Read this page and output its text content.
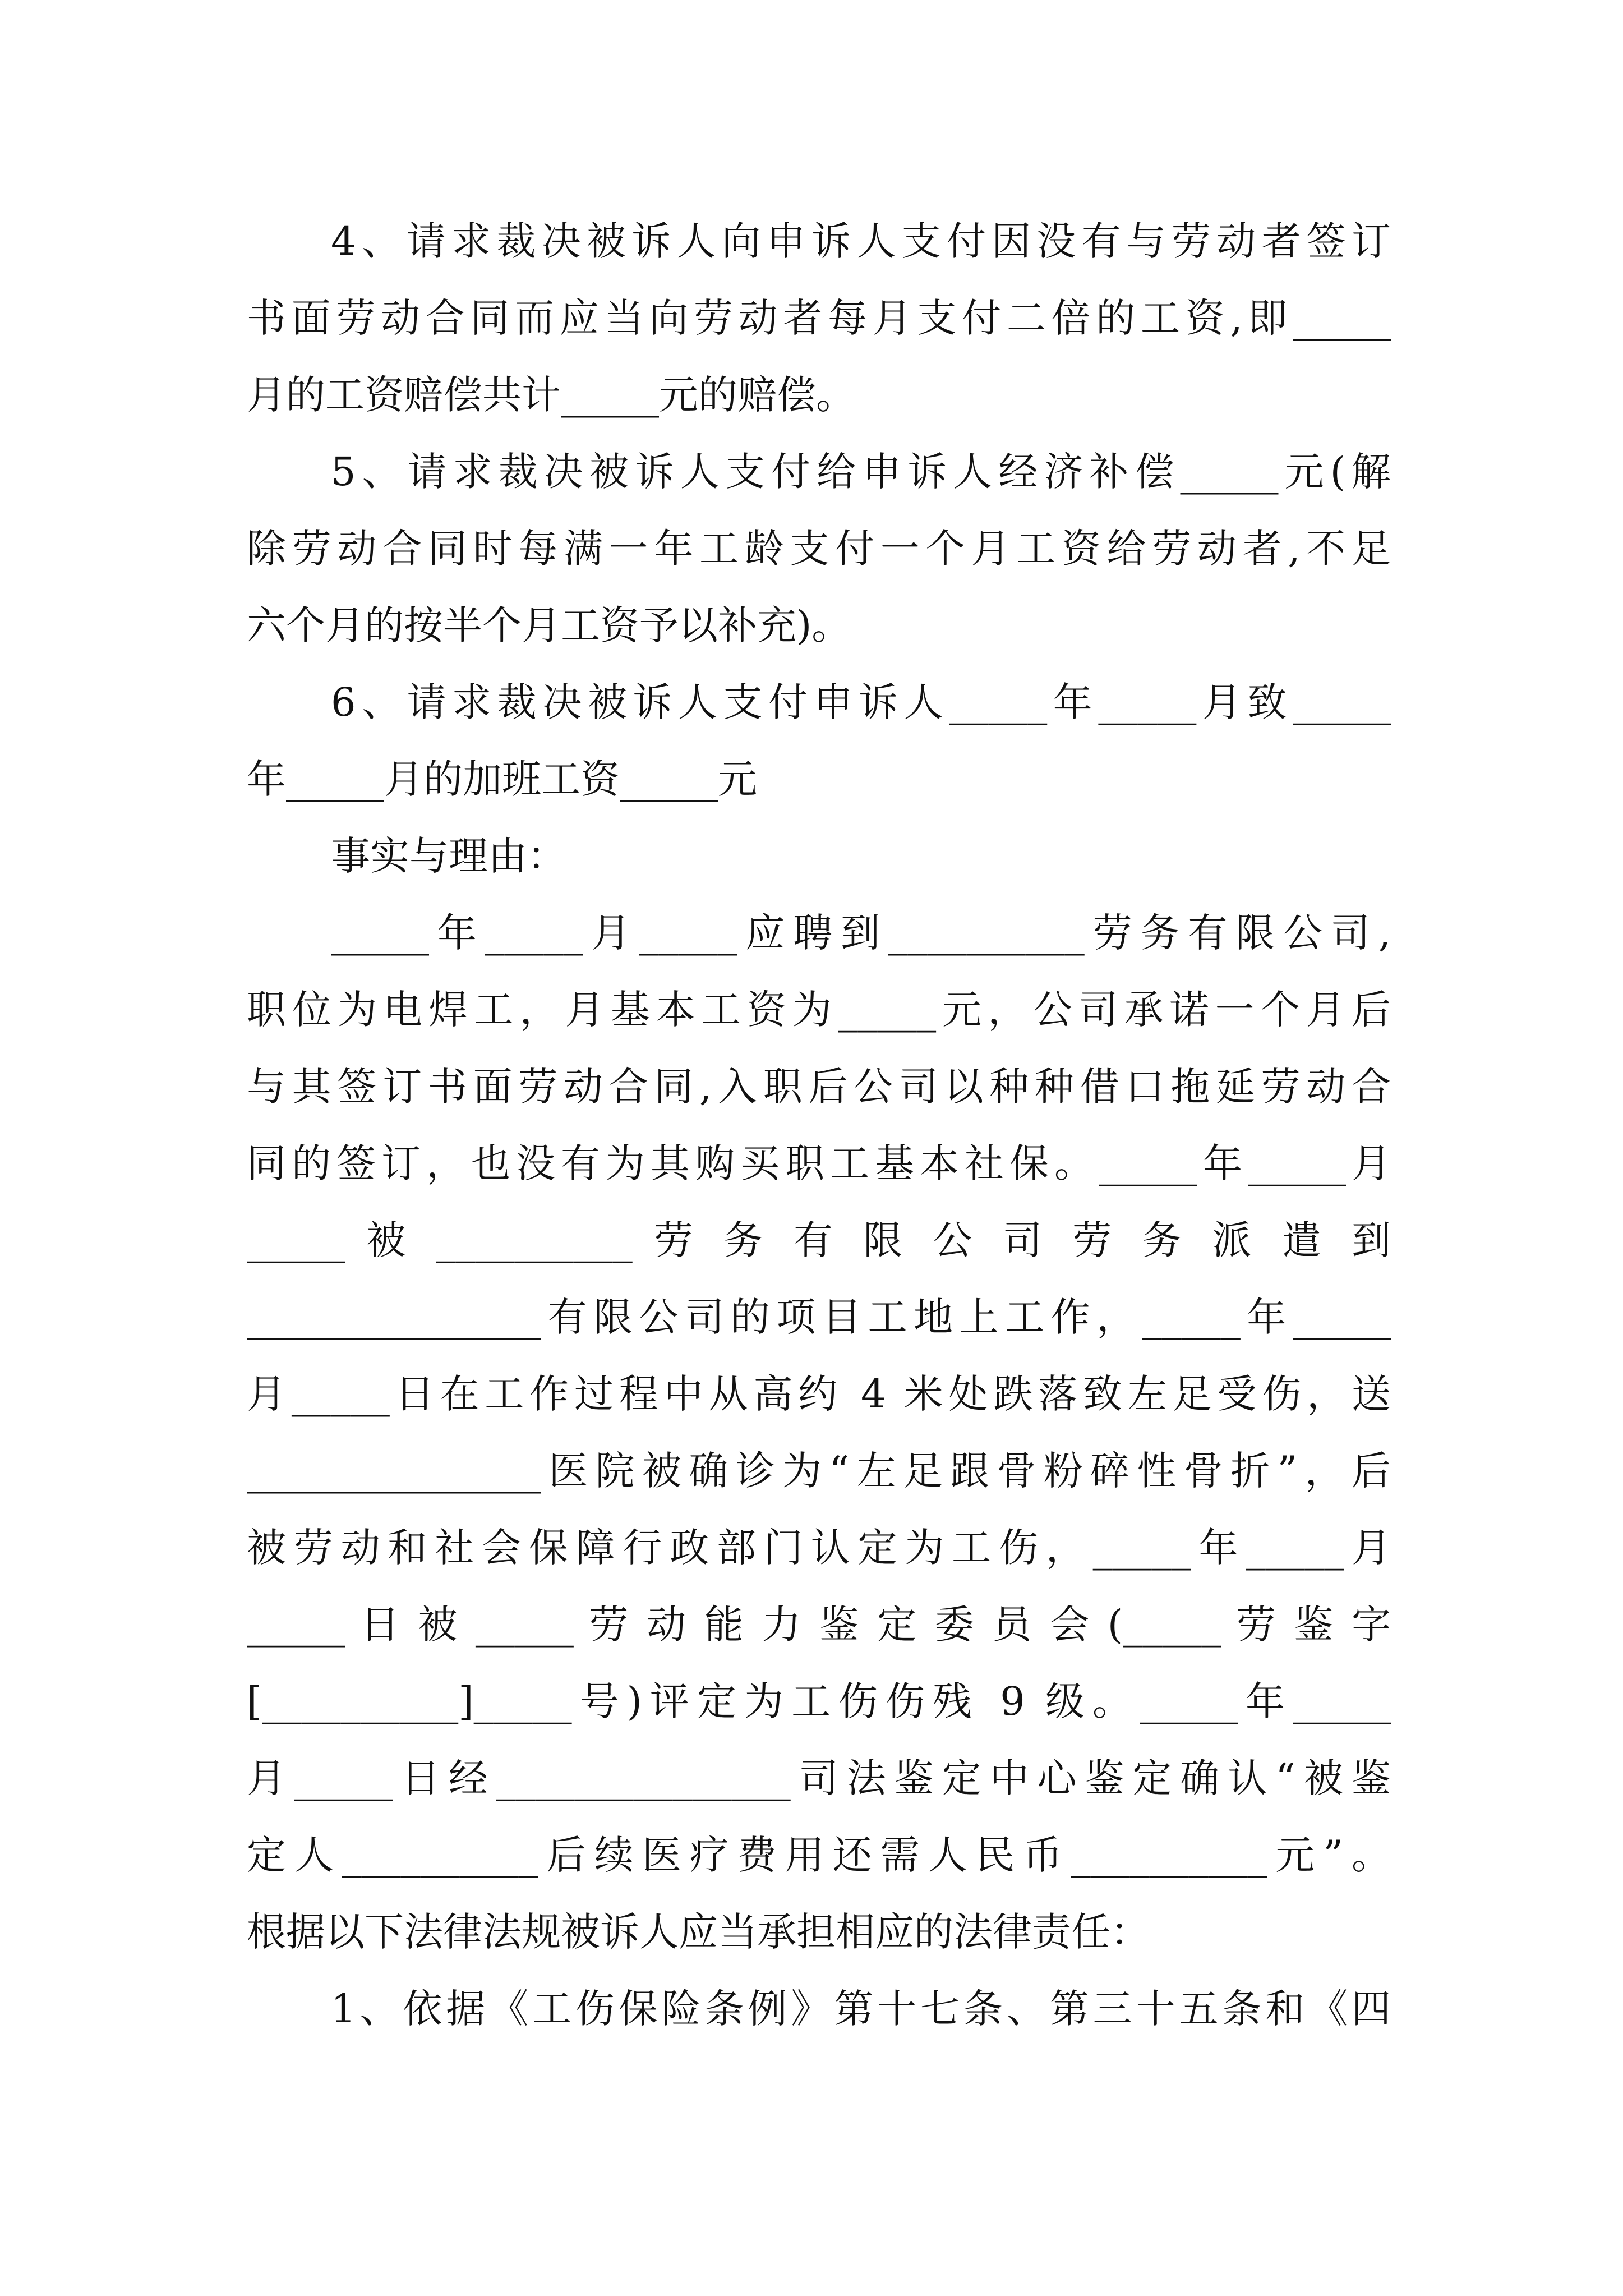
4、请求裁决被诉人向申诉人支付因没有与劳动者签订
书面劳动合同而应当向劳动者每月支付二倍的工资,即_____
月的工资赔偿共计_____元的赔偿。
5、请求裁决被诉人支付给申诉人经济补偿_____元(解
除劳动合同时每满一年工龄支付一个月工资给劳动者,不足
六个月的按半个月工资予以补充)。
6、请求裁决被诉人支付申诉人_____年_____月致_____
年_____月的加班工资_____元
事实与理由：
_____年_____月_____应聘到__________劳务有限公司,
职位为电焊工，月基本工资为_____元，公司承诺一个月后
与其签订书面劳动合同,入职后公司以种种借口拖延劳动合
同的签订，也没有为其购买职工基本社保。_____年_____月
_____ 被 __________ 劳 务 有 限 公 司 劳 务 派 遣 到
_______________有限公司的项目工地上工作，_____年_____
月_____日在工作过程中从高约 4 米处跌落致左足受伤，送
_______________医院被确诊为“左足跟骨粉碎性骨折”，后
被劳动和社会保障行政部门认定为工伤，_____年_____月
_____ 日 被 _____ 劳 动 能 力 鉴 定 委 员 会 (_____ 劳 鉴 字
[__________]_____号)评定为工伤伤残 9 级。_____年_____
月_____日经_______________司法鉴定中心鉴定确认“被鉴
定人__________后续医疗费用还需人民币__________元”。
根据以下法律法规被诉人应当承担相应的法律责任：
1、依据《工伤保险条例》第十七条、第三十五条和《四
